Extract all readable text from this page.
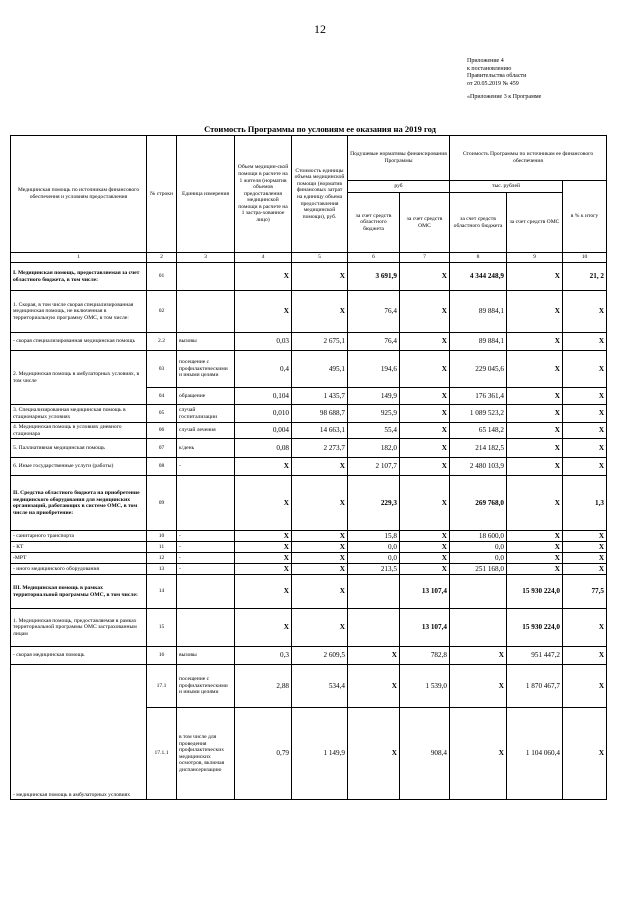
12
Приложение 4
к постановлению
Правительства области
от 20.05.2019 № 459
«Приложение 3 к Программе
Стоимость Программы по условиям ее оказания на 2019 год
Медицинская помощь по источникам финансового обеспечения и условиям предоставления	№ строки	Единица измерения	Объем медицин-ской помощи в расчете на 1 жителя (норматив объемов предоставления медицинской помощи в расчете на 1 застра-хованное лицо)	Стоимость единицы объема медицинской помощи (норматив финансовых затрат на единицу объема предоставления медицинской помощи), руб.	Подушевые нормативы финансирования Программы		Стоимость Программы по источникам ее финансового обеспечения		
					руб		тыс. рублей		в % к итогу
					за счет средств областного бюджета	за счет средств ОМС	за счет средств областного бюджета	за счет средств ОМС	
1	2	3	4	5	6	7	8	9	10
I. Медицинская помощь, предоставляемая за счет областного бюджета, в том числе:	01		X	X	3 691,9	X	4 344 248,9	X	21, 2
1. Скорая, в том числе скорая специализированная медицинская помощь, не включенная в территориальную программу ОМС, в том числе:	02		X	X	76,4	X	89 884,1	X	X
- скорая специализированная медицинская помощь	2.2	вызовы	0,03	2 675,1	76,4	X	89 884,1	X	X
2. Медицинская помощь в амбулаторных условиях, в том числе	03	посещение с профилактическими и иными целями	0,4	495,1	194,6	X	229 045,6	X	X
	04	обращение	0,104	1 435,7	149,9	X	176 361,4	X	X
3. Специализированная медицинская помощь в стационарных условиях	05	случай госпитализации	0,010	98 688,7	925,9	X	1 089 523,2	X	X
4. Медицинская помощь в условиях дневного стационара	06	случай лечения	0,004	14 663,1	55,4	X	65 148,2	X	X
5. Паллиативная медицинская помощь	07	к/день	0,08	2 273,7	182,0	X	214 182,5	X	X
6. Иные государственные услуги (работы)	08	-	X	X	2 107,7	X	2 480 103,9	X	X
II. Средства областного бюджета на приобретение медицинского оборудования для медицинских организаций, работающих в системе ОМС, в том числе на приобретение:	09		X	X	229,3	X	269 768,0	X	1,3
- санитарного транспорта	10	-	X	X	15,8	X	18 600,0	X	X
- КТ	11	-	X	X	0,0	X	0,0	X	X
-МРТ	12	-	X	X	0,0	X	0,0	X	X
- иного медицинского оборудования	13	-	X	X	213,5	X	251 168,0	X	X
III. Медицинская помощь в рамках территориальной программы ОМС, в том числе:	14		X	X		13 107,4		15 930 224,0	77,5
1. Медицинская помощь, предоставляемая в рамках территориальной программы ОМС застрахованным лицам	15		X	X		13 107,4		15 930 224,0	X
- скорая медицинская помощь	16	вызовы	0,3	2 609,5	X	782,8	X	951 447,2	X
- медицинская помощь в амбулаторных условиях	17.1	посещение с профилактическими и иными целями	2,88	534,4	X	1 539,0	X	1 870 467,7	X
	17.1.1	в том числе для проведения профилактических медицинских осмотров, включая диспансеризацию	0,79	1 149,9	X	908,4	X	1 104 060,4	X
